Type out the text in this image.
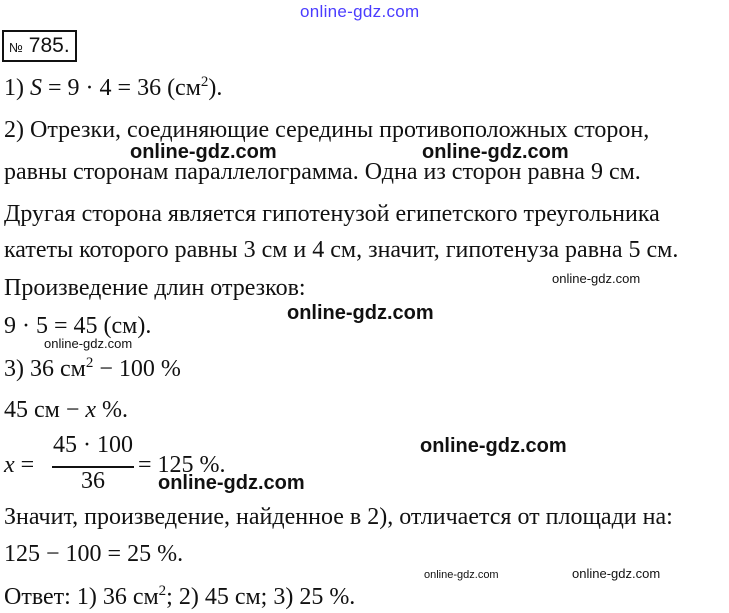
online-gdz.com
№ 785.
1) S = 9 · 4 = 36 $(см^2)$.
2) Отрезки, соединяющие середины противоположных сторон,
online-gdz.com	online-gdz.com
равны сторонам параллелограмма. Одна из сторон равна 9 см.
Другая сторона является гипотенузой египетского треугольника
катеты которого равны 3 см и 4 см, значит, гипотенуза равна 5 см.
online-gdz.com
Произведение длин отрезков:
online-gdz.com
9 · 5 = 45 (см).
online-gdz.com
3) 36 $см^2 - 100$ %
45 см − x %.
online-gdz.com
x =
45 · 100
36
= 125 %.
online-gdz.com
Значит, произведение, найденное в 2), отличается от площади на:
125 − 100 = 25 %.
online-gdz.com	online-gdz.com
Ответ: 1) 36 $см^2$; 2) 45 см; 3) 25 %.
